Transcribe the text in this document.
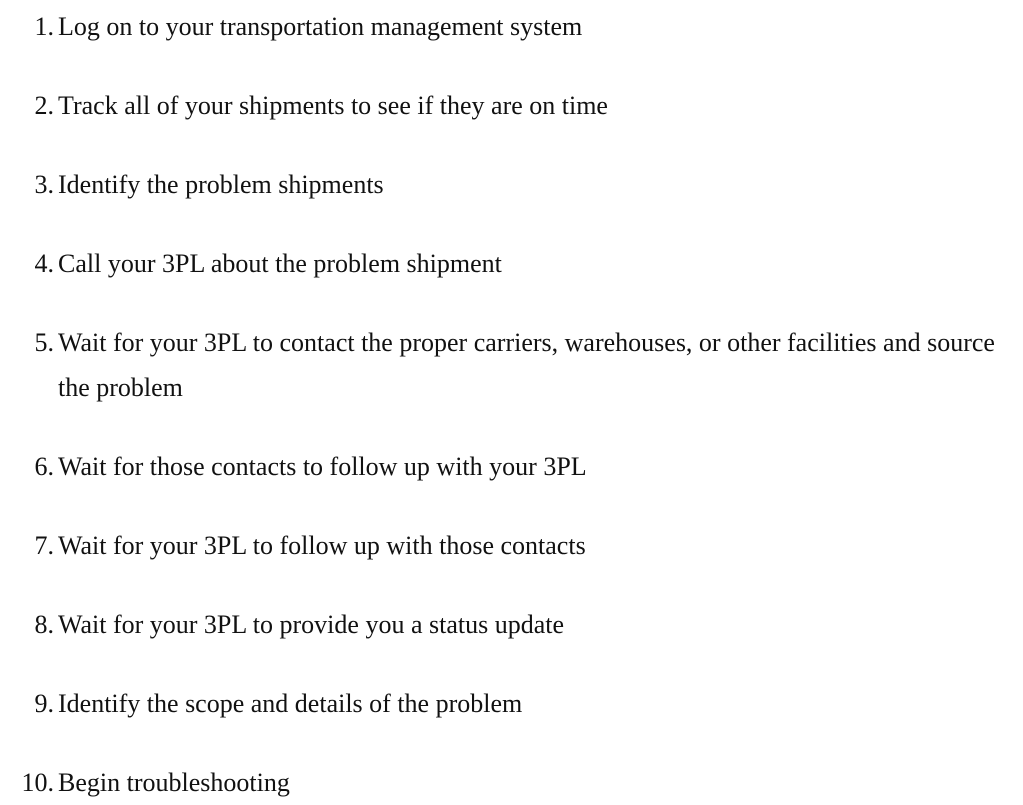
1. Log on to your transportation management system
2. Track all of your shipments to see if they are on time
3. Identify the problem shipments
4. Call your 3PL about the problem shipment
5. Wait for your 3PL to contact the proper carriers, warehouses, or other facilities and source the problem
6. Wait for those contacts to follow up with your 3PL
7. Wait for your 3PL to follow up with those contacts
8. Wait for your 3PL to provide you a status update
9. Identify the scope and details of the problem
10. Begin troubleshooting
